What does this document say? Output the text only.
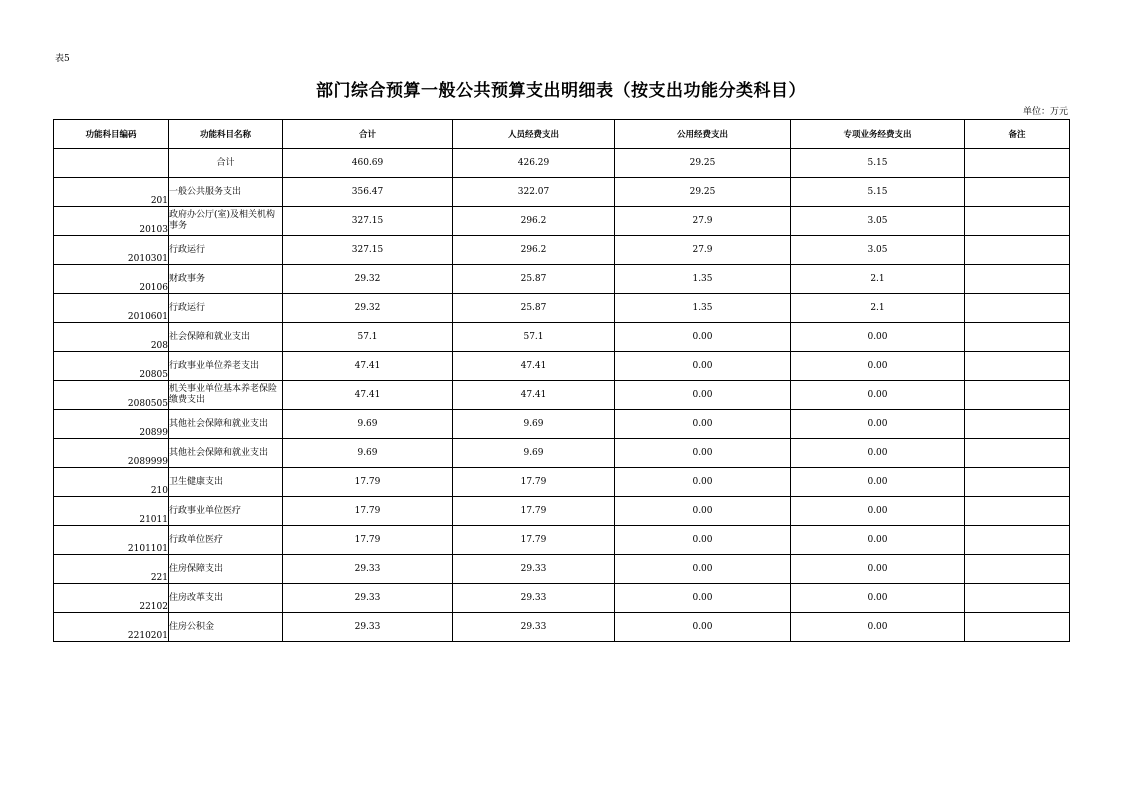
表5
部门综合预算一般公共预算支出明细表（按支出功能分类科目）
单位：万元
功能科目编码	功能科目名称	合计	人员经费支出	公用经费支出	专项业务经费支出	备注
	合计	460.69	426.29	29.25	5.15	
201	一般公共服务支出	356.47	322.07	29.25	5.15	
20103	政府办公厅(室)及相关机构事务	327.15	296.2	27.9	3.05	
2010301	行政运行	327.15	296.2	27.9	3.05	
20106	财政事务	29.32	25.87	1.35	2.1	
2010601	行政运行	29.32	25.87	1.35	2.1	
208	社会保障和就业支出	57.1	57.1	0.00	0.00	
20805	行政事业单位养老支出	47.41	47.41	0.00	0.00	
2080505	机关事业单位基本养老保险缴费支出	47.41	47.41	0.00	0.00	
20899	其他社会保障和就业支出	9.69	9.69	0.00	0.00	
2089999	其他社会保障和就业支出	9.69	9.69	0.00	0.00	
210	卫生健康支出	17.79	17.79	0.00	0.00	
21011	行政事业单位医疗	17.79	17.79	0.00	0.00	
2101101	行政单位医疗	17.79	17.79	0.00	0.00	
221	住房保障支出	29.33	29.33	0.00	0.00	
22102	住房改革支出	29.33	29.33	0.00	0.00	
2210201	住房公积金	29.33	29.33	0.00	0.00	
